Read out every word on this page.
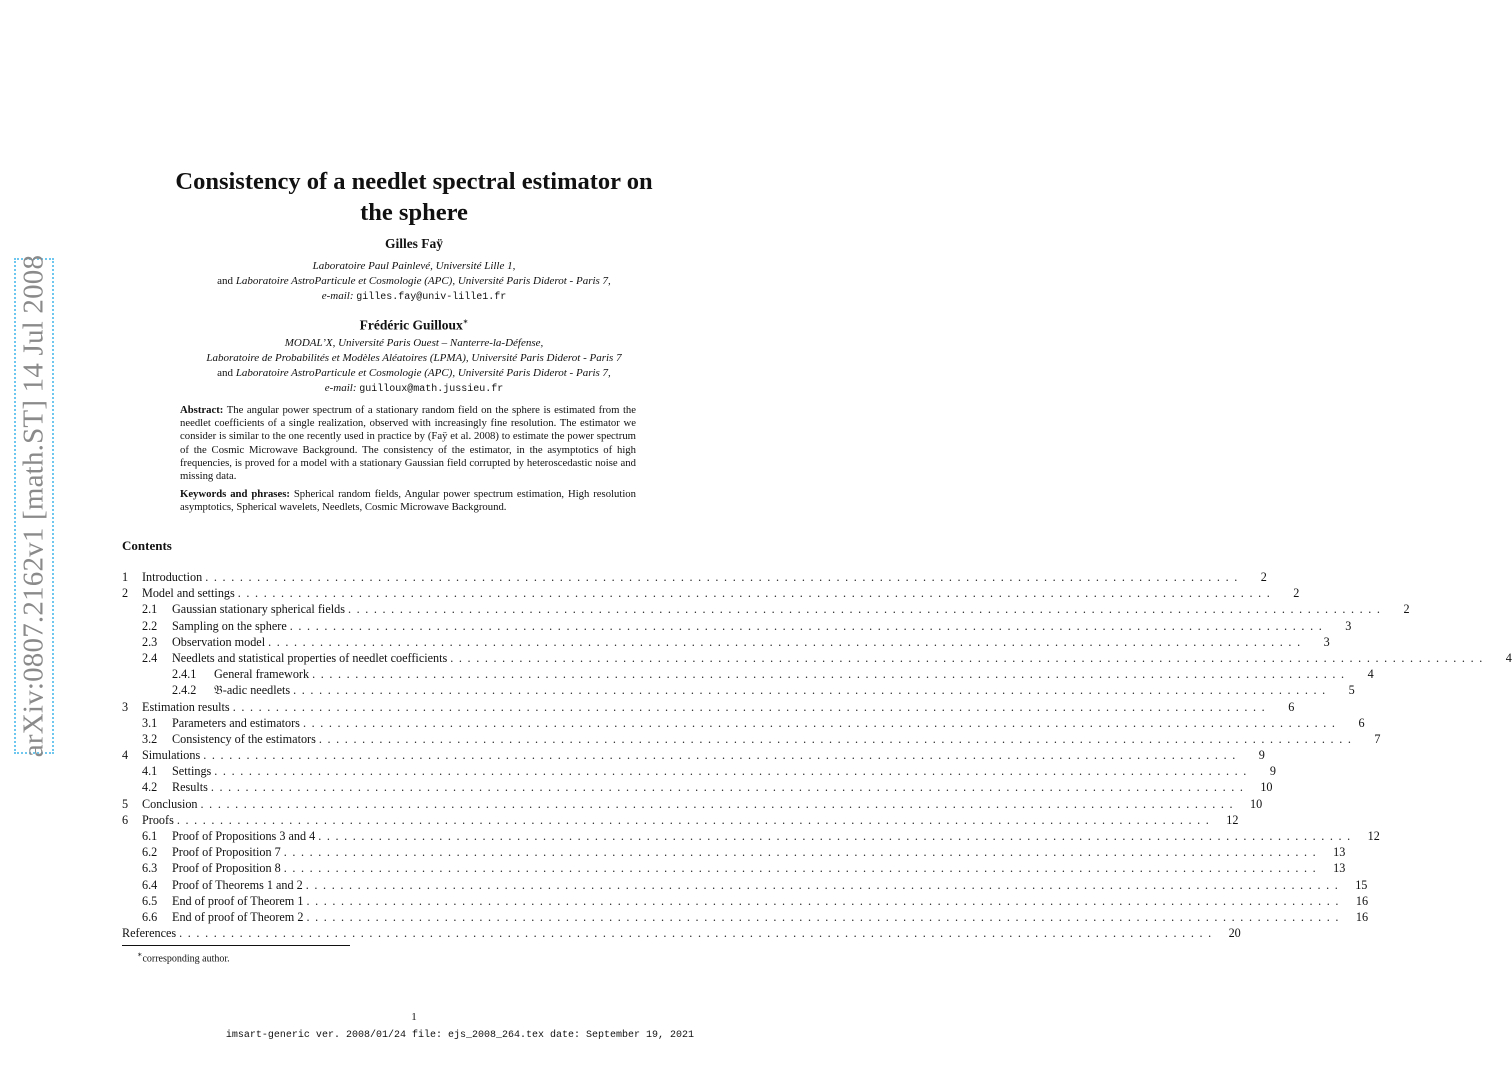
arXiv:0807.2162v1 [math.ST] 14 Jul 2008
Consistency of a needlet spectral estimator on
the sphere
Gilles Faÿ
Laboratoire Paul Painlevé, Université Lille 1,
and Laboratoire AstroParticule et Cosmologie (APC), Université Paris Diderot - Paris 7,
e-mail: gilles.fay@univ-lille1.fr
Frédéric Guilloux∗
MODAL’X, Université Paris Ouest – Nanterre-la-Défense,
Laboratoire de Probabilités et Modèles Aléatoires (LPMA), Université Paris Diderot - Paris 7
and Laboratoire AstroParticule et Cosmologie (APC), Université Paris Diderot - Paris 7,
e-mail: guilloux@math.jussieu.fr
Abstract: The angular power spectrum of a stationary random field on the sphere is estimated from the needlet coefficients of a single realization, observed with increasingly fine resolution. The estimator we consider is similar to the one recently used in practice by (Faÿ et al. 2008) to estimate the power spectrum of the Cosmic Microwave Background. The consistency of the estimator, in the asymptotics of high frequencies, is proved for a model with a stationary Gaussian field corrupted by heteroscedastic noise and missing data.
Keywords and phrases: Spherical random fields, Angular power spectrum estimation, High resolution asymptotics, Spherical wavelets, Needlets, Cosmic Microwave Background.
Contents
1	Introduction ........................................................................................................................	2
2	Model and settings ........................................................................................................................	2
2.1	Gaussian stationary spherical fields ........................................................................................................................	2
2.2	Sampling on the sphere ........................................................................................................................	3
2.3	Observation model ........................................................................................................................	3
2.4	Needlets and statistical properties of needlet coefficients ........................................................................................................................	4
2.4.1	General framework ........................................................................................................................	4
2.4.2	𝔅-adic needlets ........................................................................................................................	5
3	Estimation results ........................................................................................................................	6
3.1	Parameters and estimators ........................................................................................................................	6
3.2	Consistency of the estimators ........................................................................................................................	7
4	Simulations ........................................................................................................................	9
4.1	Settings ........................................................................................................................	9
4.2	Results ........................................................................................................................ 10
5	Conclusion ........................................................................................................................ 10
6	Proofs ........................................................................................................................ 12
6.1	Proof of Propositions 3 and 4 ........................................................................................................................ 12
6.2	Proof of Proposition 7 ........................................................................................................................ 13
6.3	Proof of Proposition 8 ........................................................................................................................ 13
6.4	Proof of Theorems 1 and 2 ........................................................................................................................ 15
6.5	End of proof of Theorem 1 ........................................................................................................................ 16
6.6	End of proof of Theorem 2 ........................................................................................................................ 16
References ........................................................................................................................ 20
∗corresponding author.
1
imsart-generic ver. 2008/01/24 file: ejs_2008_264.tex date: September 19, 2021
